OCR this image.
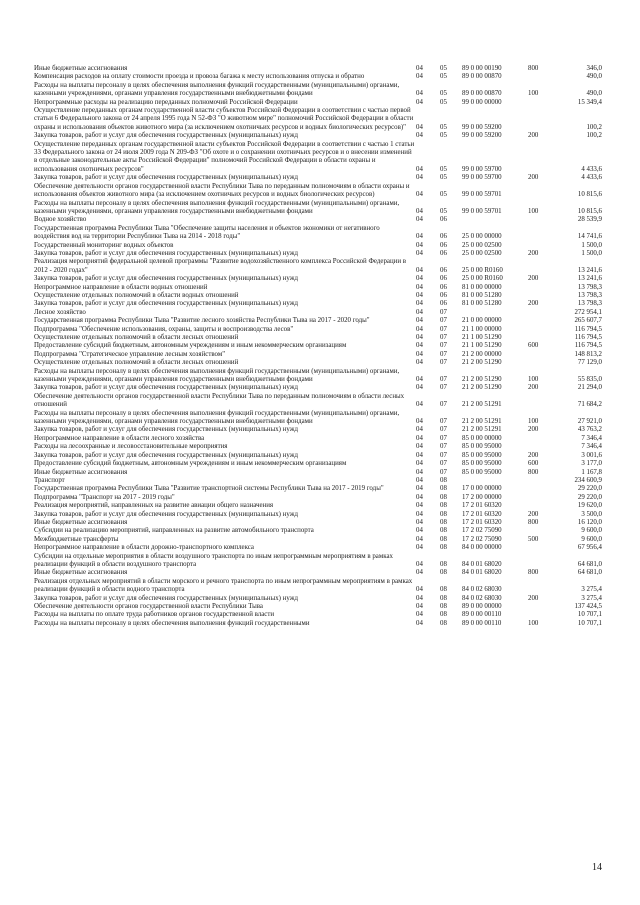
Иные бюджетные ассигнования	04	05	89 0 00 00190	800	346,0
Компенсация расходов на оплату стоимости проезда и провоза багажа к месту использования отпуска и обратно	04	05	89 0 00 00870		490,0
Расходы на выплаты персоналу в целях обеспечения выполнения функций государственными (муниципальными) органами, казенными учреждениями, органами управления государственными внебюджетными фондами	04	05	89 0 00 00870	100	490,0
Непрограммные расходы на реализацию переданных полномочий Российской Федерации	04	05	99 0 00 00000		15 349,4
Осуществление переданных органам государственной власти субъектов Российской Федерации в соответствии с частью первой статьи 6 Федерального закона от 24 апреля 1995 года N 52-ФЗ "О животном мире" полномочий Российской Федерации в области охраны и использования объектов животного мира (за исключением охотничьих ресурсов и водных биологических ресурсов)"	04	05	99 0 00 59200		100,2
Закупка товаров, работ и услуг для обеспечения государственных (муниципальных) нужд	04	05	99 0 00 59200	200	100,2
Осуществление переданных органам государственной власти субъектов Российской Федерации в соответствии с частью 1 статьи 33 Федерального закона от 24 июля 2009 года N 209-ФЗ "Об охоте и о сохранении охотничьих ресурсов и о внесении изменений в отдельные законодательные акты Российской Федерации" полномочий Российской Федерации в области охраны и использования охотничьих ресурсов"	04	05	99 0 00 59700		4 433,6
Закупка товаров, работ и услуг для обеспечения государственных (муниципальных) нужд	04	05	99 0 00 59700	200	4 433,6
Обеспечение деятельности органов государственной власти Республики Тыва по переданным полномочиям в области охраны и использования объектов животного мира (за исключением охотничьих ресурсов и водных биологических ресурсов)	04	05	99 0 00 59701		10 815,6
Расходы на выплаты персоналу в целях обеспечения выполнения функций государственными (муниципальными) органами, казенными учреждениями, органами управления государственными внебюджетными фондами	04	05	99 0 00 59701	100	10 815,6
Водное хозяйство	04	06			28 539,9
Государственная программа Республики Тыва "Обеспечение защиты населения и объектов экономики от негативного воздействия вод на территории Республики Тыва на 2014 - 2018 годы"	04	06	25 0 00 00000		14 741,6
Государственный мониторинг водных объектов	04	06	25 0 00 02500		1 500,0
Закупка товаров, работ и услуг для обеспечения государственных (муниципальных) нужд	04	06	25 0 00 02500	200	1 500,0
Реализация мероприятий федеральной целевой программы "Развитие водохозяйственного комплекса Российской Федерации в 2012 - 2020 годах"	04	06	25 0 00 R0160		13 241,6
Закупка товаров, работ и услуг для обеспечения государственных (муниципальных) нужд	04	06	25 0 00 R0160	200	13 241,6
Непрограммное направление в области водных отношений	04	06	81 0 00 00000		13 798,3
Осуществление отдельных полномочий в области водных отношений	04	06	81 0 00 51280		13 798,3
Закупка товаров, работ и услуг для обеспечения государственных (муниципальных) нужд	04	06	81 0 00 51280	200	13 798,3
Лесное хозяйство	04	07			272 954,1
Государственная программа Республики Тыва "Развитие лесного хозяйства Республики Тыва на 2017 - 2020 годы"	04	07	21 0 00 00000		265 607,7
Подпрограмма "Обеспечение использования, охраны, защиты и воспроизводства лесов"	04	07	21 1 00 00000		116 794,5
Осуществление отдельных полномочий в области лесных отношений	04	07	21 1 00 51290		116 794,5
Предоставление субсидий бюджетным, автономным учреждениям и иным некоммерческим организациям	04	07	21 1 00 51290	600	116 794,5
Подпрограмма "Стратегическое управление лесным хозяйством"	04	07	21 2 00 00000		148 813,2
Осуществление отдельных полномочий в области лесных отношений	04	07	21 2 00 51290		77 129,0
Расходы на выплаты персоналу в целях обеспечения выполнения функций государственными (муниципальными) органами, казенными учреждениями, органами управления государственными внебюджетными фондами	04	07	21 2 00 51290	100	55 835,0
Закупка товаров, работ и услуг для обеспечения государственных (муниципальных) нужд	04	07	21 2 00 51290	200	21 294,0
Обеспечение деятельности органов государственной власти Республики Тыва по переданным полномочиям в области лесных отношений	04	07	21 2 00 51291		71 684,2
Расходы на выплаты персоналу в целях обеспечения выполнения функций государственными (муниципальными) органами, казенными учреждениями, органами управления государственными внебюджетными фондами	04	07	21 2 00 51291	100	27 921,0
Закупка товаров, работ и услуг для обеспечения государственных (муниципальных) нужд	04	07	21 2 00 51291	200	43 763,2
Непрограммное направление в области лесного хозяйства	04	07	85 0 00 00000		7 346,4
Расходы на лесоохранные и лесовосстановительные мероприятия	04	07	85 0 00 95000		7 346,4
Закупка товаров, работ и услуг для обеспечения государственных (муниципальных) нужд	04	07	85 0 00 95000	200	3 001,6
Предоставление субсидий бюджетным, автономным учреждениям и иным некоммерческим организациям	04	07	85 0 00 95000	600	3 177,0
Иные бюджетные ассигнования	04	07	85 0 00 95000	800	1 167,8
Транспорт	04	08			234 600,9
Государственная программа Республики Тыва "Развитие транспортной системы Республики Тыва на 2017 - 2019 годы"	04	08	17 0 00 00000		29 220,0
Подпрограмма "Транспорт на 2017 - 2019 годы"	04	08	17 2 00 00000		29 220,0
Реализация мероприятий, направленных на развитие авиации общего назначения	04	08	17 2 01 60320		19 620,0
Закупка товаров, работ и услуг для обеспечения государственных (муниципальных) нужд	04	08	17 2 01 60320	200	3 500,0
Иные бюджетные ассигнования	04	08	17 2 01 60320	800	16 120,0
Субсидии на реализацию мероприятий, направленных на развитие автомобильного транспорта	04	08	17 2 02 75090		9 600,0
Межбюджетные трансферты	04	08	17 2 02 75090	500	9 600,0
Непрограммное направление в области дорожно-транспортного комплекса	04	08	84 0 00 00000		67 956,4
Субсидии на отдельные мероприятия в области воздушного транспорта по иным непрограммным мероприятиям в рамках реализации функций в области воздушного транспорта	04	08	84 0 01 68020		64 681,0
Иные бюджетные ассигнования	04	08	84 0 01 68020	800	64 681,0
Реализация отдельных мероприятий в области морского и речного транспорта по иным непрограммным мероприятиям в рамках реализации функций в области водного транспорта	04	08	84 0 02 68030		3 275,4
Закупка товаров, работ и услуг для обеспечения государственных (муниципальных) нужд	04	08	84 0 02 68030	200	3 275,4
Обеспечение деятельности органов государственной власти Республики Тыва	04	08	89 0 00 00000		137 424,5
Расходы на выплаты по оплате труда работников органов государственной власти	04	08	89 0 00 00110		10 707,1
Расходы на выплаты персоналу в целях обеспечения выполнения функций государственными	04	08	89 0 00 00110	100	10 707,1
14
